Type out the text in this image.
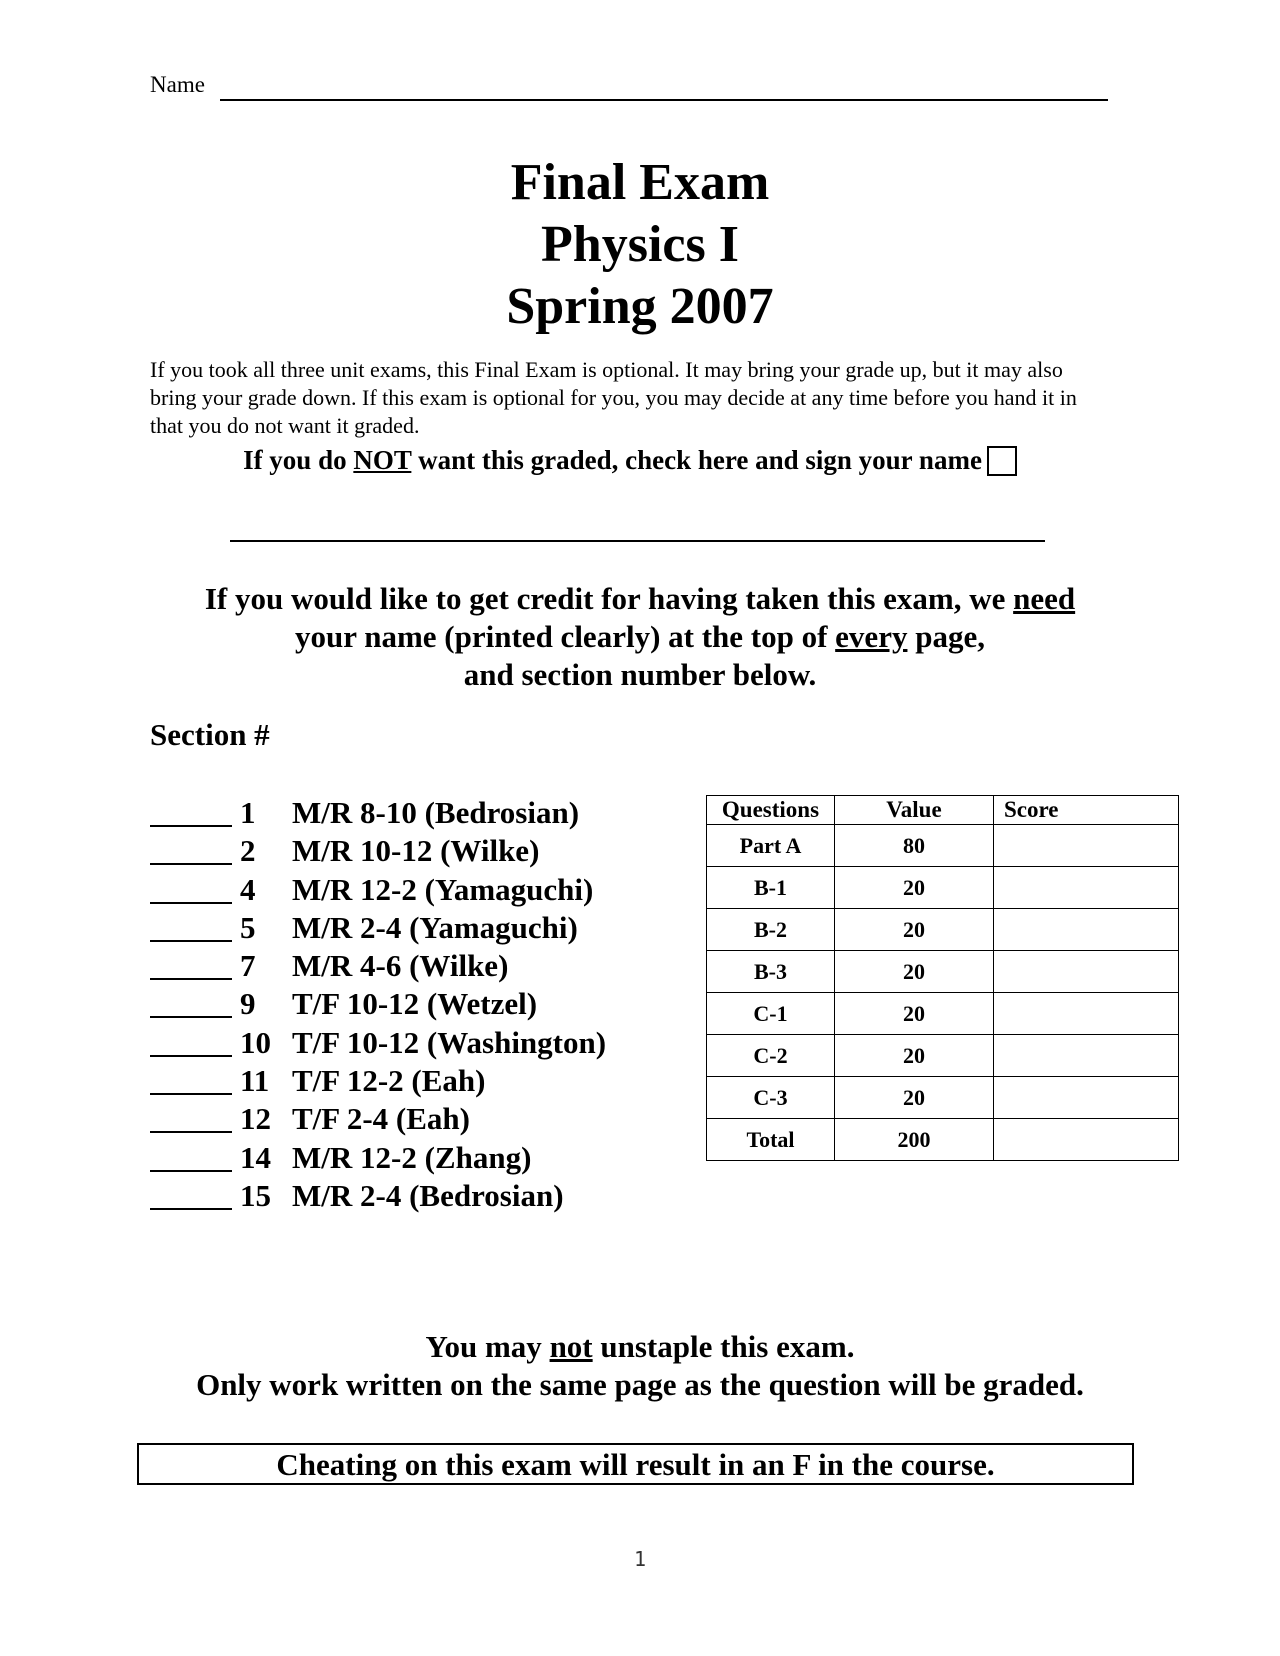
Name
Final Exam
Physics I
Spring 2007
If you took all three unit exams, this Final Exam is optional. It may bring your grade up, but it may also bring your grade down. If this exam is optional for you, you may decide at any time before you hand it in that you do not want it graded.
If you do NOT want this graded, check here and sign your name
If you would like to get credit for having taken this exam, we need
your name (printed clearly) at the top of every page,
and section number below.
Section #
1	M/R 8-10 (Bedrosian)
2	M/R 10-12 (Wilke)
4	M/R 12-2 (Yamaguchi)
5	M/R 2-4 (Yamaguchi)
7	M/R 4-6 (Wilke)
9	T/F 10-12 (Wetzel)
10 T/F 10-12 (Washington)
11 T/F 12-2 (Eah)
12 T/F 2-4 (Eah)
14 M/R 12-2 (Zhang)
15 M/R 2-4 (Bedrosian)
Questions	Value	Score
Part A	80	
B-1	20	
B-2	20	
B-3	20	
C-1	20	
C-2	20	
C-3	20	
Total	200	
You may not unstaple this exam.
Only work written on the same page as the question will be graded.
Cheating on this exam will result in an F in the course.
1
